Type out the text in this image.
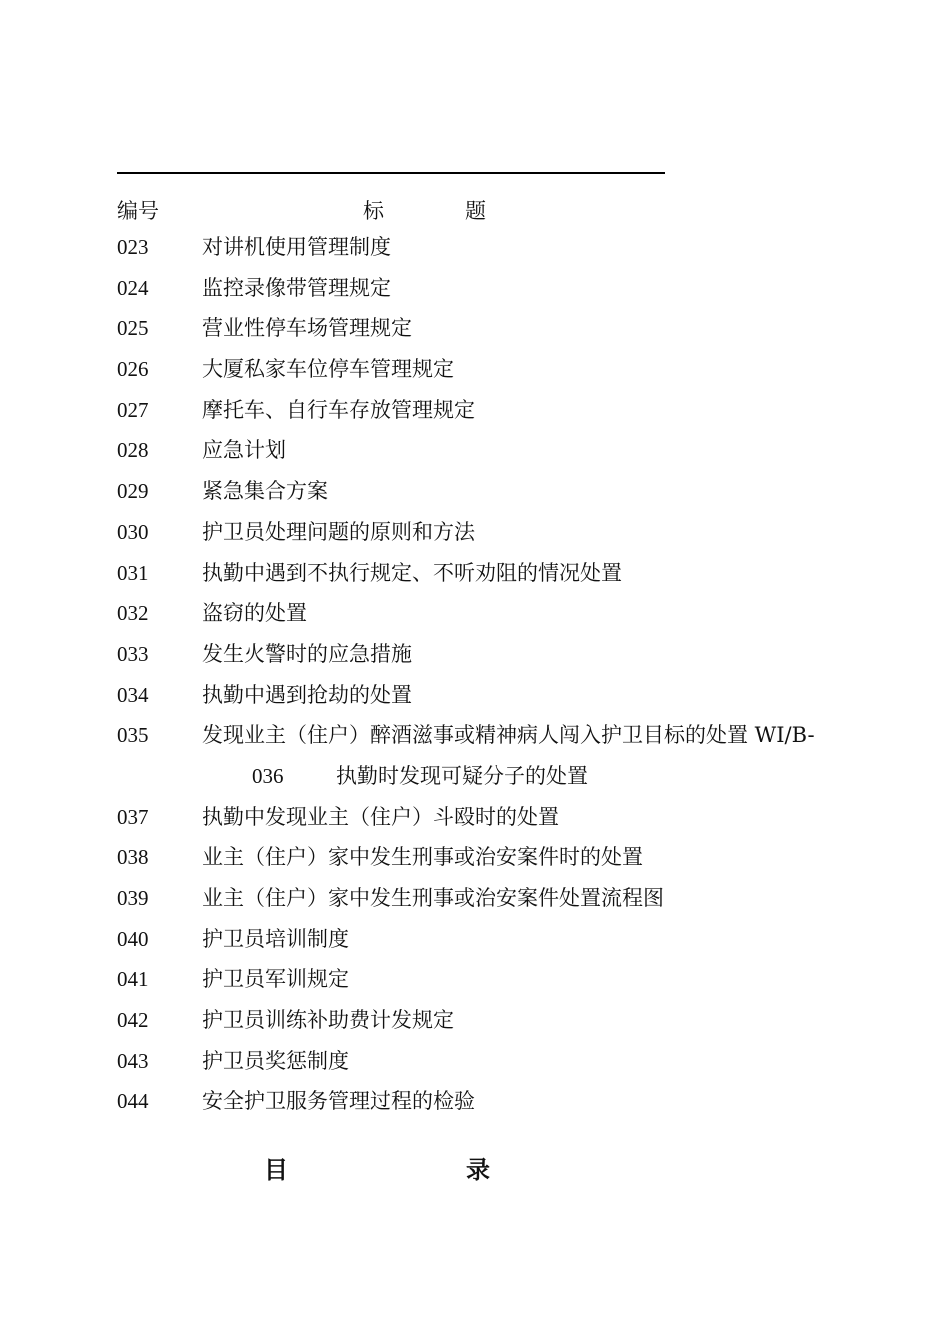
编号	标	题
023	对讲机使用管理制度
024	监控录像带管理规定
025	营业性停车场管理规定
026	大厦私家车位停车管理规定
027	摩托车、自行车存放管理规定
028	应急计划
029	紧急集合方案
030	护卫员处理问题的原则和方法
031	执勤中遇到不执行规定、不听劝阻的情况处置
032	盗窃的处置
033	发生火警时的应急措施
034	执勤中遇到抢劫的处置
035	发现业主（住户）醉酒滋事或精神病人闯入护卫目标的处置 WI/B-
036	执勤时发现可疑分子的处置
037	执勤中发现业主（住户）斗殴时的处置
038	业主（住户）家中发生刑事或治安案件时的处置
039	业主（住户）家中发生刑事或治安案件处置流程图
040	护卫员培训制度
041	护卫员军训规定
042	护卫员训练补助费计发规定
043	护卫员奖惩制度
044	安全护卫服务管理过程的检验
目	录
